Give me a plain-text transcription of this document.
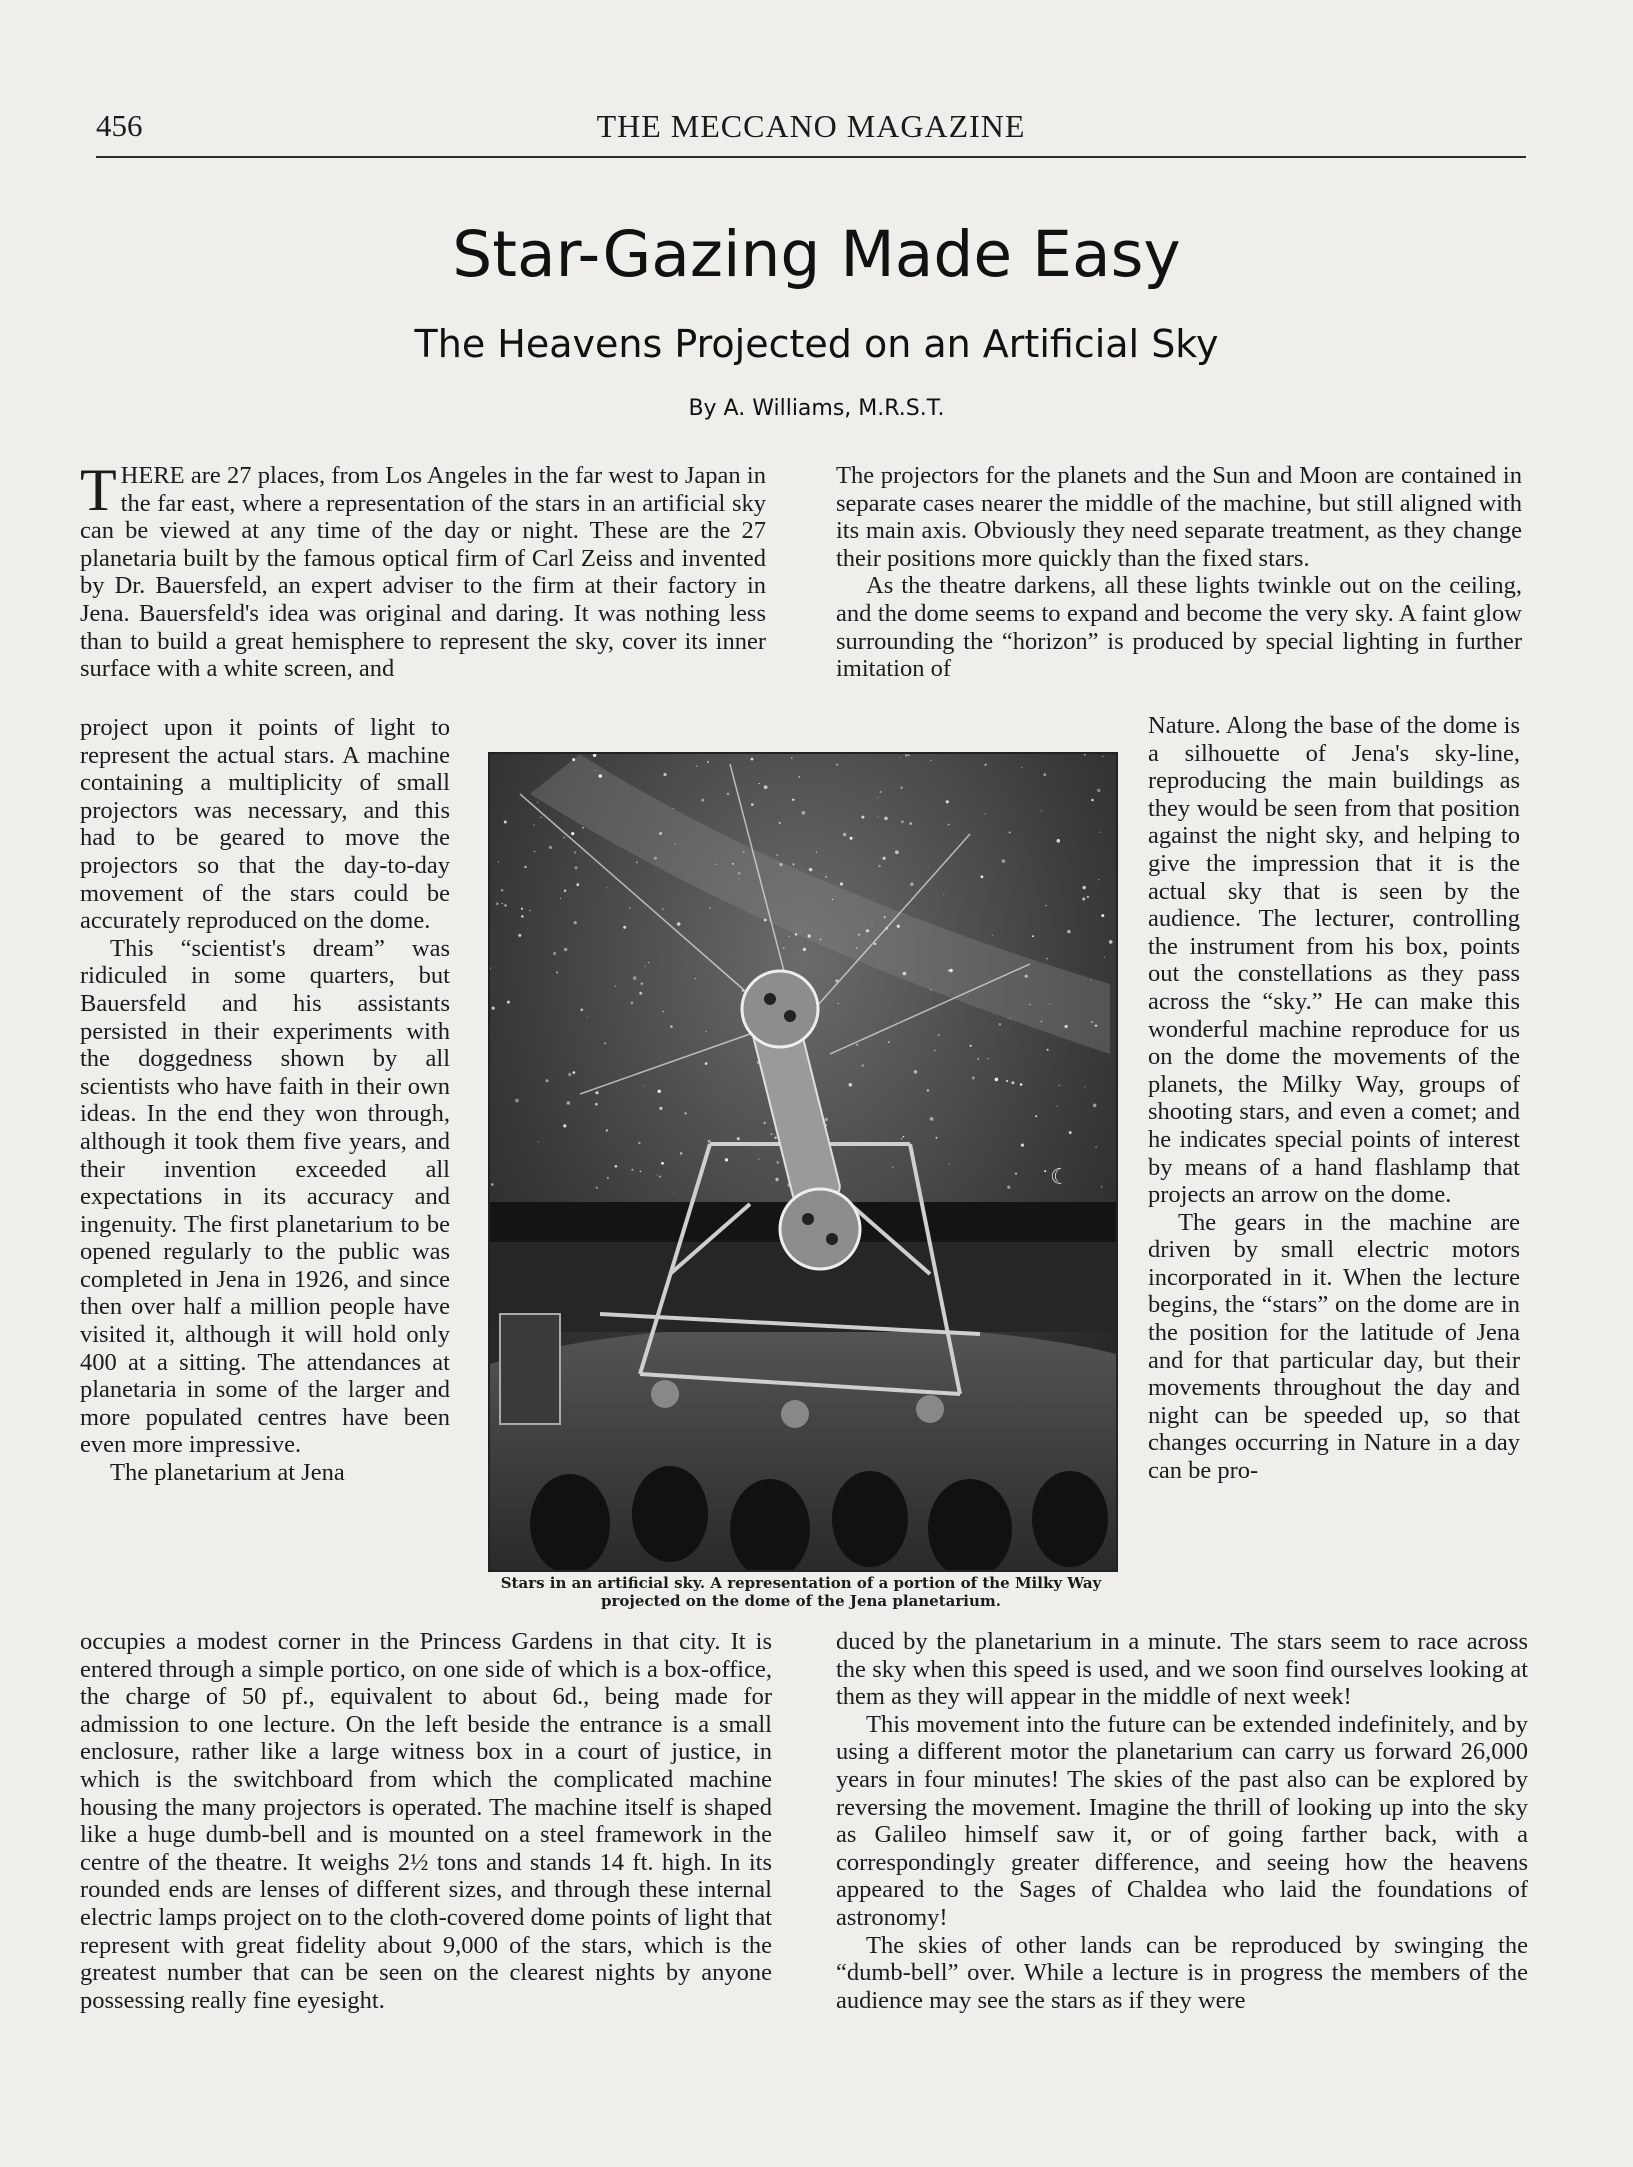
456	THE MECCANO MAGAZINE
Star-Gazing Made Easy
The Heavens Projected on an Artificial Sky
By A. Williams, M.R.S.T.

THERE are 27 places, from Los Angeles in the far west to Japan in the far east, where a representation of the stars in an artificial sky can be viewed at any time of the day or night. These are the 27 planetaria built by the famous optical firm of Carl Zeiss and invented by Dr. Bauersfeld, an expert adviser to the firm at their factory in Jena. Bauersfeld's idea was original and daring. It was nothing less than to build a great hemisphere to represent the sky, cover its inner surface with a white screen, and

project upon it points of light to represent the actual stars. A machine containing a multiplicity of small projectors was necessary, and this had to be geared to move the projectors so that the day-to-day movement of the stars could be accurately reproduced on the dome.

This “scientist's dream” was ridiculed in some quarters, but Bauersfeld and his assistants persisted in their experiments with the doggedness shown by all scientists who have faith in their own ideas. In the end they won through, although it took them five years, and their invention exceeded all expectations in its accuracy and ingenuity. The first planetarium to be opened regularly to the public was completed in Jena in 1926, and since then over half a million people have visited it, although it will hold only 400 at a sitting. The attendances at planetaria in some of the larger and more populated centres have been even more impressive.

The planetarium at Jena

occupies a modest corner in the Princess Gardens in that city. It is entered through a simple portico, on one side of which is a box-office, the charge of 50 pf., equivalent to about 6d., being made for admission to one lecture. On the left beside the entrance is a small enclosure, rather like a large witness box in a court of justice, in which is the switchboard from which the complicated machine housing the many projectors is operated. The machine itself is shaped like a huge dumb-bell and is mounted on a steel framework in the centre of the theatre. It weighs 2½ tons and stands 14 ft. high. In its rounded ends are lenses of different sizes, and through these internal electric lamps project on to the cloth-covered dome points of light that represent with great fidelity about 9,000 of the stars, which is the greatest number that can be seen on the clearest nights by anyone possessing really fine eyesight.

The projectors for the planets and the Sun and Moon are contained in separate cases nearer the middle of the machine, but still aligned with its main axis. Obviously they need separate treatment, as they change their positions more quickly than the fixed stars.

As the theatre darkens, all these lights twinkle out on the ceiling, and the dome seems to expand and become the very sky. A faint glow surrounding the “horizon” is produced by special lighting in further imitation of

Nature. Along the base of the dome is a silhouette of Jena's sky-line, reproducing the main buildings as they would be seen from that position against the night sky, and helping to give the impression that it is the actual sky that is seen by the audience. The lecturer, controlling the instrument from his box, points out the constellations as they pass across the “sky.” He can make this wonderful machine reproduce for us on the dome the movements of the planets, the Milky Way, groups of shooting stars, and even a comet; and he indicates special points of interest by means of a hand flashlamp that projects an arrow on the dome.

The gears in the machine are driven by small electric motors incorporated in it. When the lecture begins, the “stars” on the dome are in the position for the latitude of Jena and for that particular day, but their movements throughout the day and night can be speeded up, so that changes occurring in Nature in a day can be pro-

duced by the planetarium in a minute. The stars seem to race across the sky when this speed is used, and we soon find ourselves looking at them as they will appear in the middle of next week!

This movement into the future can be extended indefinitely, and by using a different motor the planetarium can carry us forward 26,000 years in four minutes! The skies of the past also can be explored by reversing the movement. Imagine the thrill of looking up into the sky as Galileo himself saw it, or of going farther back, with a correspondingly greater difference, and seeing how the heavens appeared to the Sages of Chaldea who laid the foundations of astronomy!

The skies of other lands can be reproduced by swinging the “dumb-bell” over. While a lecture is in progress the members of the audience may see the stars as if they were

☾
Stars in an artificial sky. A representation of a portion of the Milky Way projected on the dome of the Jena planetarium.
